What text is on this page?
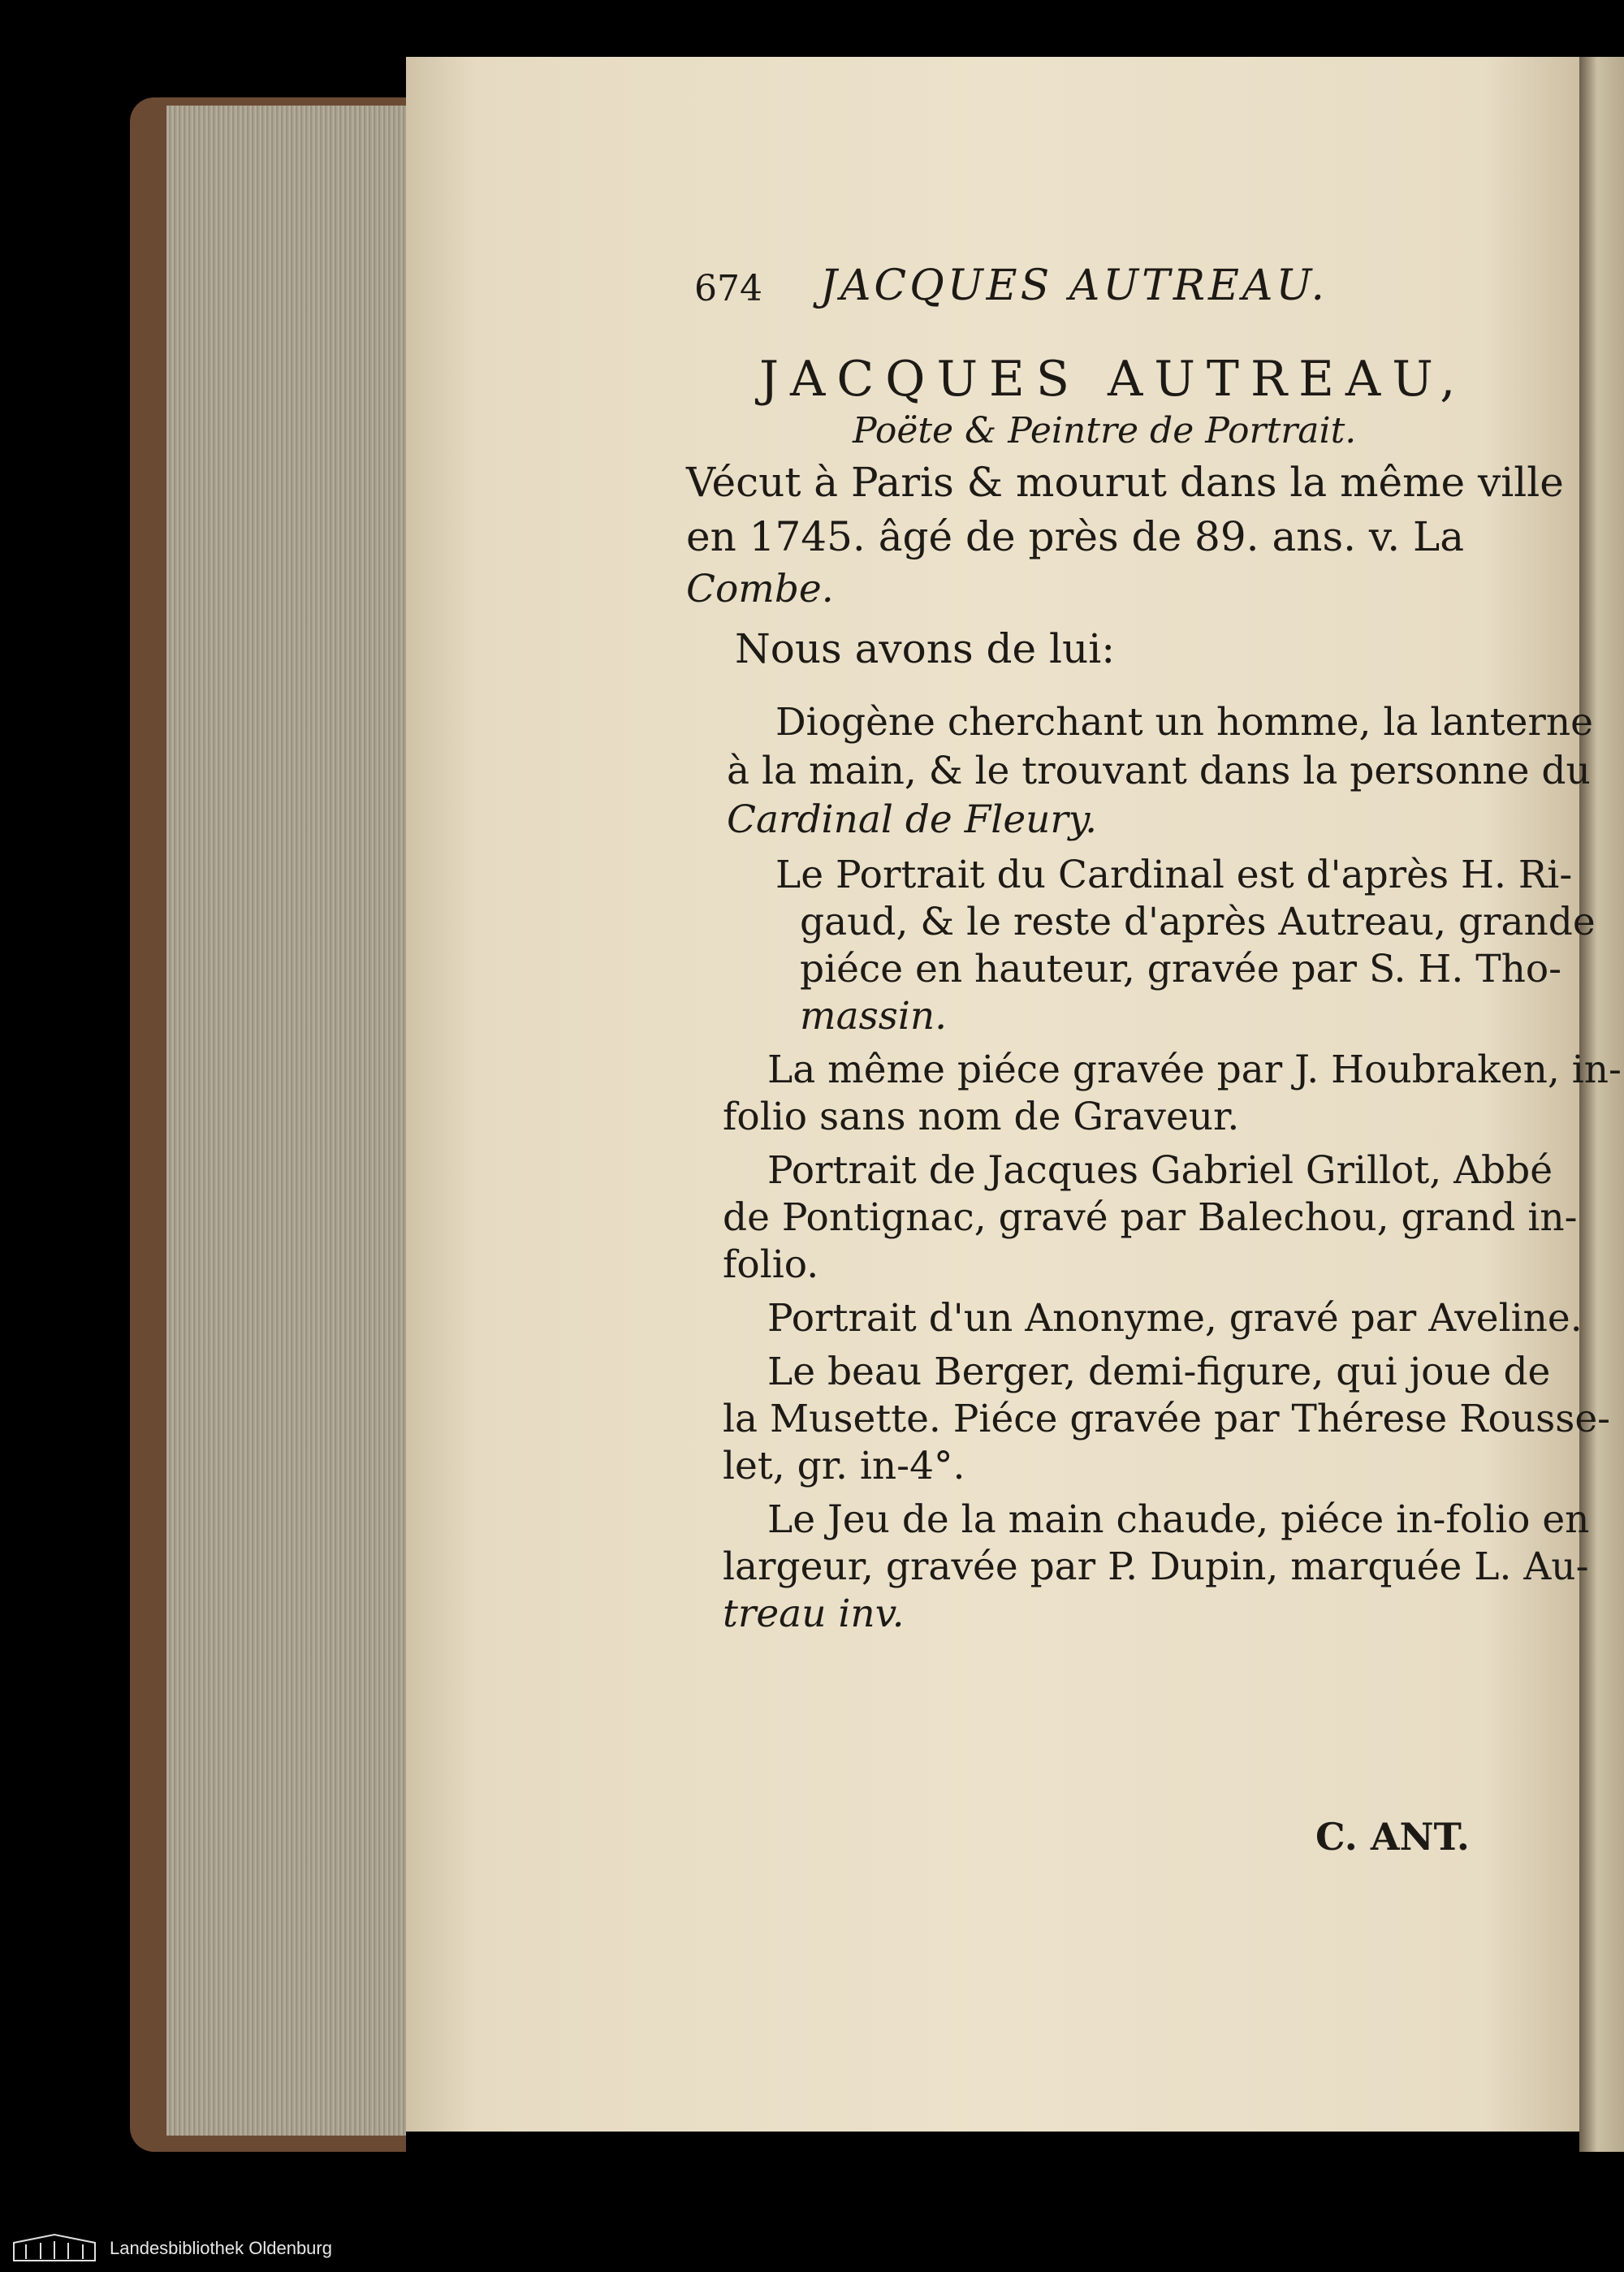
674 JACQUES AUTREAU.
JACQUES AUTREAU,
Poëte & Peintre de Portrait.
Vécut à Paris & mourut dans la même ville
en 1745. âgé de près de 89. ans. v. La
Combe.
Nous avons de lui:
Diogène cherchant un homme, la lanterne
à la main, & le trouvant dans la personne du
Cardinal de Fleury.
Le Portrait du Cardinal est d'après H. Ri-
gaud, & le reste d'après Autreau, grande
piéce en hauteur, gravée par S. H. Tho-
massin.
La même piéce gravée par J. Houbraken, in-
folio sans nom de Graveur.
Portrait de Jacques Gabriel Grillot, Abbé
de Pontignac, gravé par Balechou, grand in-
folio.
Portrait d'un Anonyme, gravé par Aveline.
Le beau Berger, demi-figure, qui joue de
la Musette. Piéce gravée par Thérese Rousse-
let, gr. in-4°.
Le Jeu de la main chaude, piéce in-folio en
largeur, gravée par P. Dupin, marquée L. Au-
treau inv.
C. ANT.
Landesbibliothek Oldenburg
